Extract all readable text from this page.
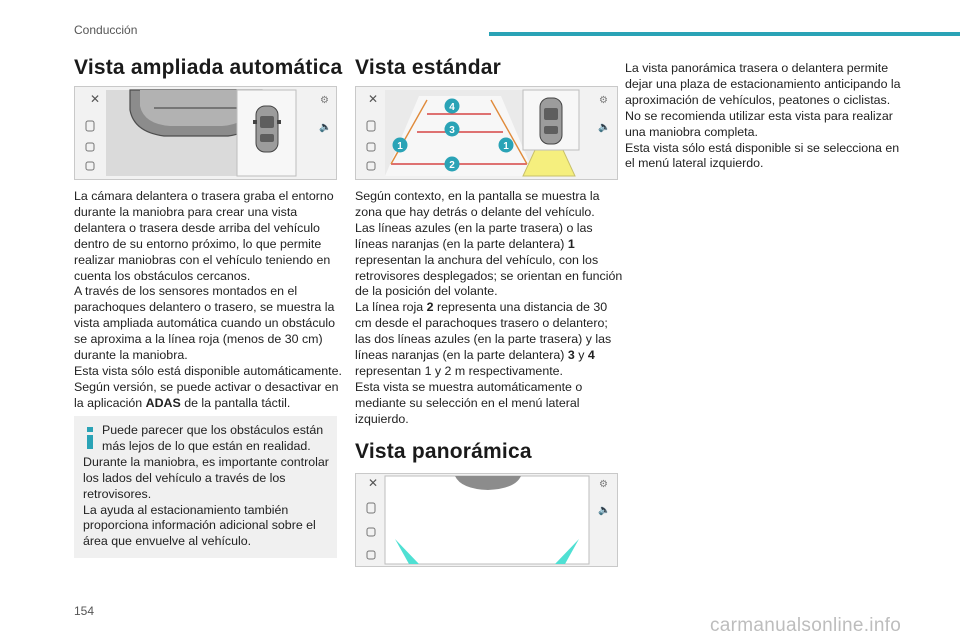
Conducción
Vista ampliada automática
✕	⚙
🔈

La cámara delantera o trasera graba el entorno durante la maniobra para crear una vista delantera o trasera desde arriba del vehículo dentro de su entorno próximo, lo que permite realizar maniobras con el vehículo teniendo en cuenta los obstáculos cercanos.

A través de los sensores montados en el parachoques delantero o trasero, se muestra la vista ampliada automática cuando un obstáculo se aproxima a la línea roja (menos de 30 cm) durante la maniobra.

Esta vista sólo está disponible automáticamente. Según versión, se puede activar o desactivar en

la aplicación ADAS de la pantalla táctil.

Puede parecer que los obstáculos están más lejos de lo que están en realidad.

Durante la maniobra, es importante controlar los lados del vehículo a través de los retrovisores.

La ayuda al estacionamiento también proporciona información adicional sobre el área que envuelve al vehículo.

Vista estándar
4
3
1	1
2
✕	⚙
🔈

Según contexto, en la pantalla se muestra la zona que hay detrás o delante del vehículo.

Las líneas azules (en la parte trasera) o las líneas naranjas (en la parte delantera) 1 representan la anchura del vehículo, con los retrovisores desplegados; se orientan en función de la posición del volante.

La línea roja 2 representa una distancia de 30 cm desde el parachoques trasero o delantero; las dos líneas azules (en la parte trasera) y las líneas naranjas (en la parte delantera) 3 y 4 representan 1 y 2 m respectivamente.

Esta vista se muestra automáticamente o mediante su selección en el menú lateral izquierdo.

Vista panorámica
✕	⚙
🔈

La vista panorámica trasera o delantera permite dejar una plaza de estacionamiento anticipando la aproximación de vehículos, peatones o ciclistas.

No se recomienda utilizar esta vista para realizar una maniobra completa.

Esta vista sólo está disponible si se selecciona en el menú lateral izquierdo.

154
carmanualsonline.info
